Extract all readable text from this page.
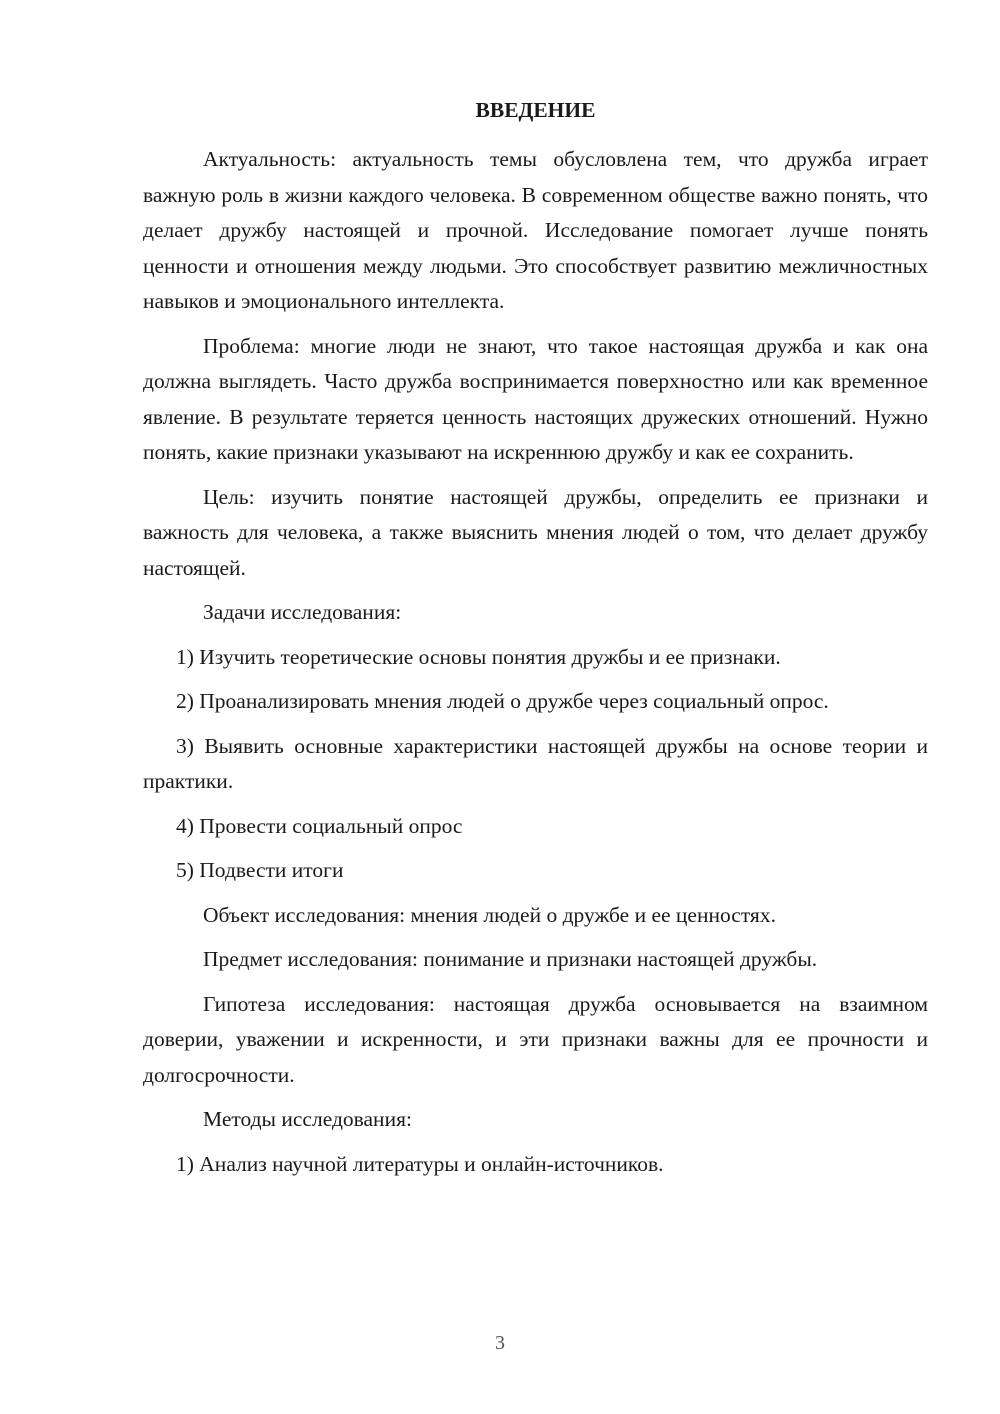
ВВЕДЕНИЕ

Актуальность: актуальность темы обусловлена тем, что дружба играет важную роль в жизни каждого человека. В современном обществе важно понять, что делает дружбу настоящей и прочной. Исследование помогает лучше понять ценности и отношения между людьми. Это способствует развитию межличностных навыков и эмоционального интеллекта.

Проблема: многие люди не знают, что такое настоящая дружба и как она должна выглядеть. Часто дружба воспринимается поверхностно или как временное явление. В результате теряется ценность настоящих дружеских отношений. Нужно понять, какие признаки указывают на искреннюю дружбу и как ее сохранить.

Цель: изучить понятие настоящей дружбы, определить ее признаки и важность для человека, а также выяснить мнения людей о том, что делает дружбу настоящей.

Задачи исследования:

1) Изучить теоретические основы понятия дружбы и ее признаки.

2) Проанализировать мнения людей о дружбе через социальный опрос.

3) Выявить основные характеристики настоящей дружбы на основе теории и практики.

4) Провести социальный опрос

5) Подвести итоги

Объект исследования: мнения людей о дружбе и ее ценностях.

Предмет исследования: понимание и признаки настоящей дружбы.

Гипотеза исследования: настоящая дружба основывается на взаимном доверии, уважении и искренности, и эти признаки важны для ее прочности и долгосрочности.

Методы исследования:

1) Анализ научной литературы и онлайн-источников.

3
